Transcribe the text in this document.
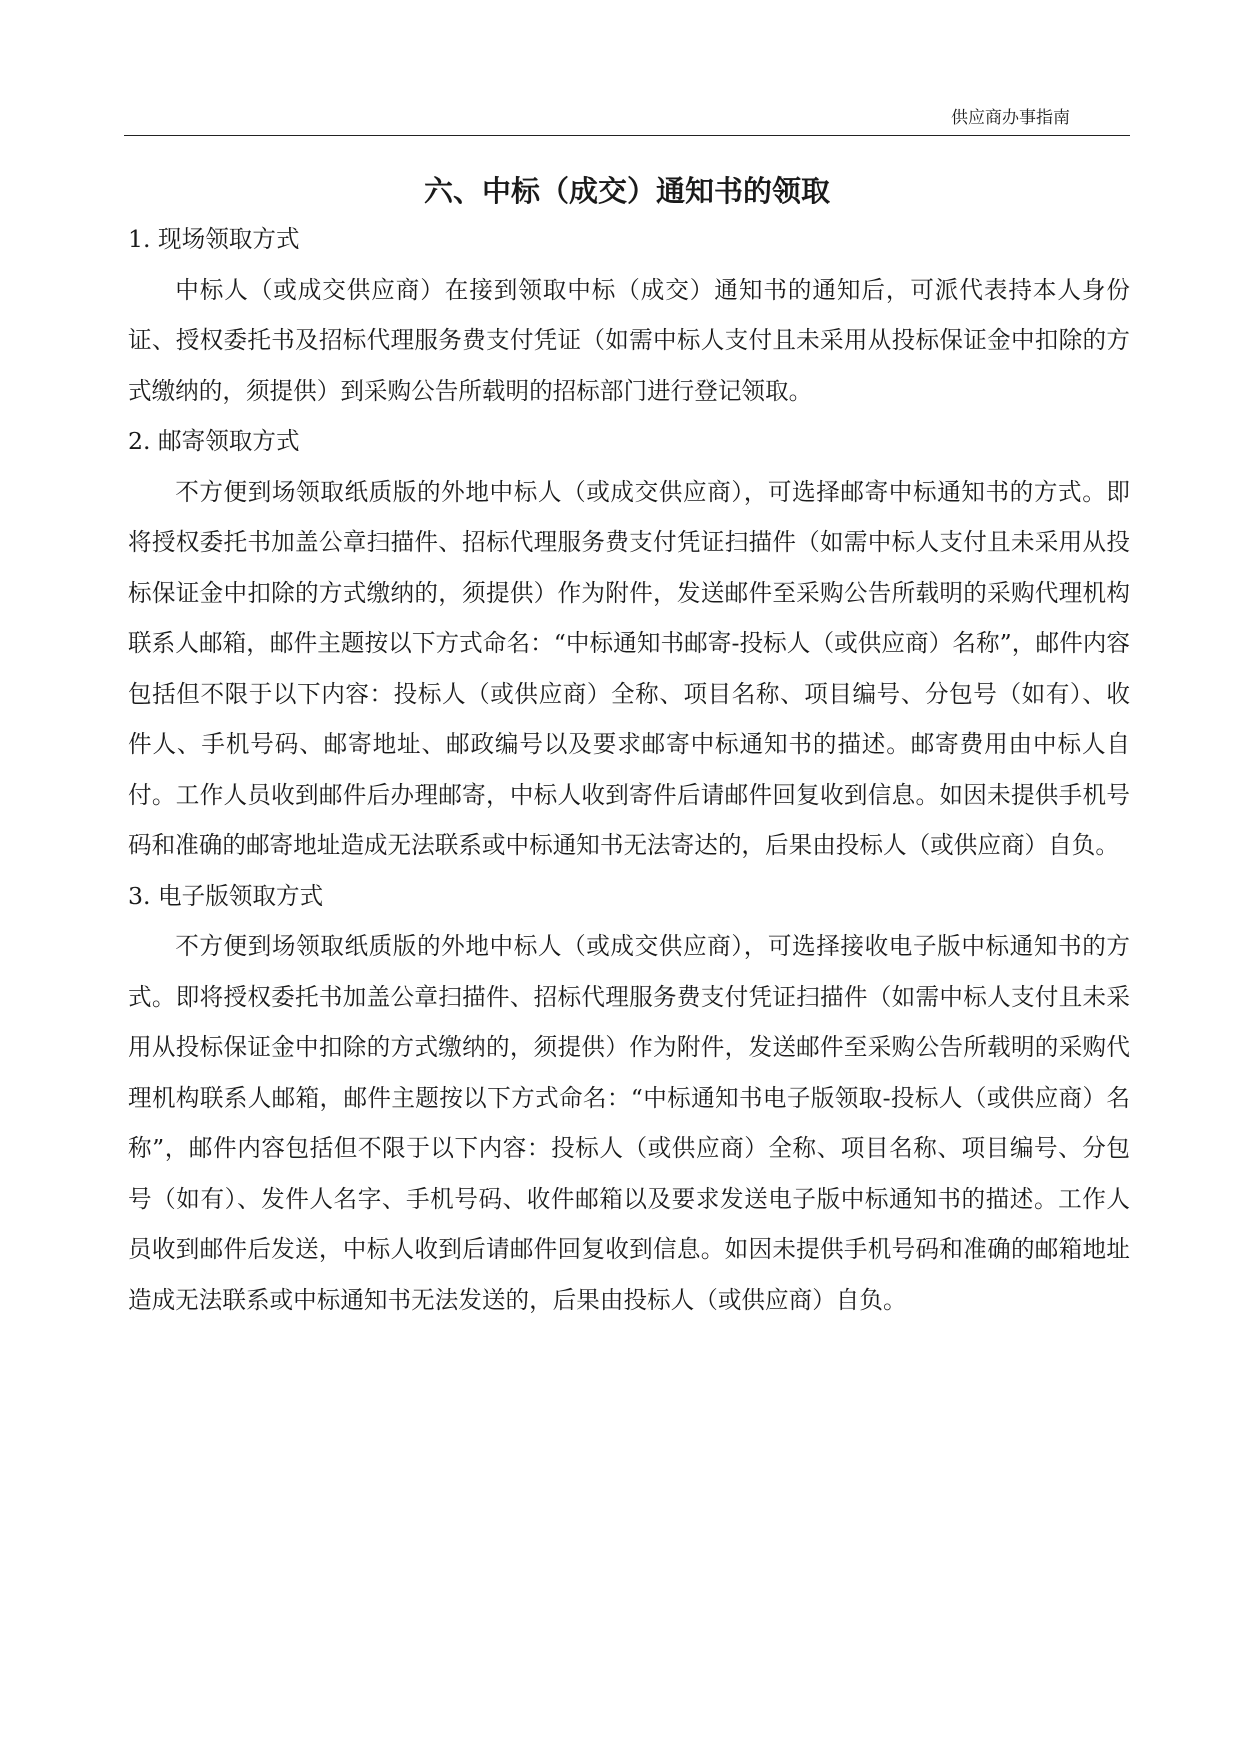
供应商办事指南
六、中标（成交）通知书的领取

1. 现场领取方式

中标人（或成交供应商）在接到领取中标（成交）通知书的通知后，可派代表持本人身份证、授权委托书及招标代理服务费支付凭证（如需中标人支付且未采用从投标保证金中扣除的方式缴纳的，须提供）到采购公告所载明的招标部门进行登记领取。

2. 邮寄领取方式

不方便到场领取纸质版的外地中标人（或成交供应商），可选择邮寄中标通知书的方式。即将授权委托书加盖公章扫描件、招标代理服务费支付凭证扫描件（如需中标人支付且未采用从投标保证金中扣除的方式缴纳的，须提供）作为附件，发送邮件至采购公告所载明的采购代理机构联系人邮箱，邮件主题按以下方式命名：“中标通知书邮寄-投标人（或供应商）名称”，邮件内容包括但不限于以下内容：投标人（或供应商）全称、项目名称、项目编号、分包号（如有）、收件人、手机号码、邮寄地址、邮政编号以及要求邮寄中标通知书的描述。邮寄费用由中标人自付。工作人员收到邮件后办理邮寄，中标人收到寄件后请邮件回复收到信息。如因未提供手机号码和准确的邮寄地址造成无法联系或中标通知书无法寄达的，后果由投标人（或供应商）自负。

3. 电子版领取方式

不方便到场领取纸质版的外地中标人（或成交供应商），可选择接收电子版中标通知书的方式。即将授权委托书加盖公章扫描件、招标代理服务费支付凭证扫描件（如需中标人支付且未采用从投标保证金中扣除的方式缴纳的，须提供）作为附件，发送邮件至采购公告所载明的采购代理机构联系人邮箱，邮件主题按以下方式命名：“中标通知书电子版领取-投标人（或供应商）名称”，邮件内容包括但不限于以下内容：投标人（或供应商）全称、项目名称、项目编号、分包号（如有）、发件人名字、手机号码、收件邮箱以及要求发送电子版中标通知书的描述。工作人员收到邮件后发送，中标人收到后请邮件回复收到信息。如因未提供手机号码和准确的邮箱地址造成无法联系或中标通知书无法发送的，后果由投标人（或供应商）自负。
